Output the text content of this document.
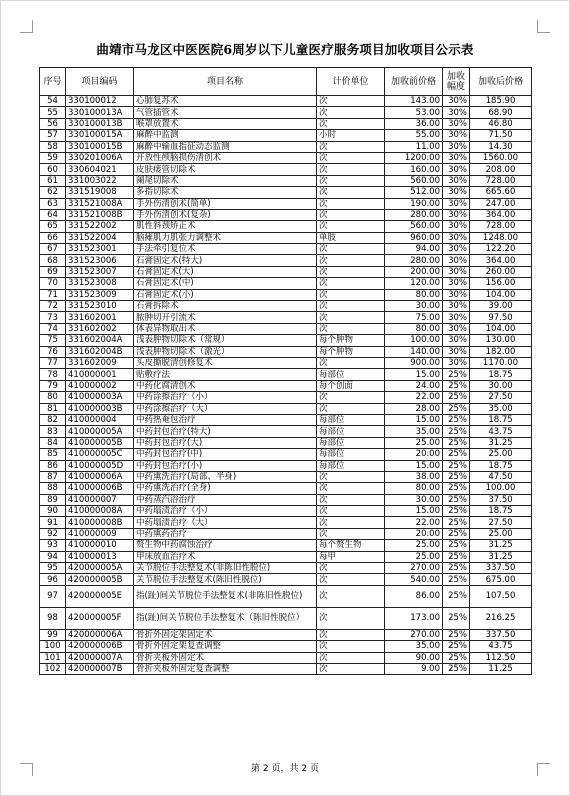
曲靖市马龙区中医医院6周岁以下儿童医疗服务项目加收项目公示表
序号	项目编码	项目名称	计价单位	加收前价格	加收幅度	加收后价格
54	330100012	心肺复苏术	次	143.00	30%	185.90
55	330100013A	气管插管术	次	53.00	30%	68.90
56	330100013B	喉罩放置术	次	36.00	30%	46.80
57	330100015A	麻醉中监测	小时	55.00	30%	71.50
58	330100015B	麻醉中输血指征动态监测	次	11.00	30%	14.30
59	330201006A	开放性颅脑损伤清创术	次	1200.00	30%	1560.00
60	330604021	皮肤瘘管切除术	次	160.00	30%	208.00
61	331003022	阑尾切除术	次	560.00	30%	728.00
62	331519008	多指切除术	次	512.00	30%	665.60
63	331521008A	手外伤清创术(简单)	次	190.00	30%	247.00
64	331521008B	手外伤清创术(复杂)	次	280.00	30%	364.00
65	331522002	肌性斜颈矫正术	次	560.00	30%	728.00
66	331522004	脑瘫肌力肌张力调整术	单肢	960.00	30%	1248.00
67	331523001	手法牵引复位术	次	94.00	30%	122.20
68	331523006	石膏固定术(特大)	次	280.00	30%	364.00
69	331523007	石膏固定术(大)	次	200.00	30%	260.00
70	331523008	石膏固定术(中)	次	120.00	30%	156.00
71	331523009	石膏固定术(小)	次	80.00	30%	104.00
72	331523010	石膏拆除术	次	30.00	30%	39.00
73	331602001	脓肿切开引流术	次	75.00	30%	97.50
74	331602002	体表异物取出术	次	80.00	30%	104.00
75	331602004A	浅表肿物切除术（常规）	每个肿物	100.00	30%	130.00
76	331602004B	浅表肿物切除术（激光）	每个肿物	140.00	30%	182.00
77	331602009	头皮撕脱清创修复术	次	900.00	30%	1170.00
78	410000001	贴敷疗法	每部位	15.00	25%	18.75
79	410000002	中药化腐清创术	每个创面	24.00	25%	30.00
80	410000003A	中药涂擦治疗（小）	次	22.00	25%	27.50
81	410000003B	中药涂擦治疗（大）	次	28.00	25%	35.00
82	410000004	中药热奄包治疗	每部位	15.00	25%	18.75
83	410000005A	中药封包治疗(特大)	每部位	35.00	25%	43.75
84	410000005B	中药封包治疗(大)	每部位	25.00	25%	31.25
85	410000005C	中药封包治疗(中)	每部位	20.00	25%	25.00
86	410000005D	中药封包治疗(小)	每部位	15.00	25%	18.75
87	410000006A	中药熏洗治疗(局部、半身)	次	38.00	25%	47.50
88	410000006B	中药熏洗治疗(全身)	次	80.00	25%	100.00
89	410000007	中药蒸汽浴治疗	次	30.00	25%	37.50
90	410000008A	中药塌渍治疗（小）	次	15.00	25%	18.75
91	410000008B	中药塌渍治疗（大）	次	22.00	25%	27.50
92	410000009	中药熏药治疗	次	20.00	25%	25.00
93	410000010	赘生物中药腐蚀治疗	每个赘生物	25.00	25%	31.25
94	410000013	甲床放血治疗术	每甲	25.00	25%	31.25
95	420000005A	关节脱位手法整复术(非陈旧性脱位)	次	270.00	25%	337.50
96	420000005B	关节脱位手法整复术(陈旧性脱位)	次	540.00	25%	675.00
97	420000005E	指(趾)间关节脱位手法整复术(非陈旧性脱位)	次	86.00	25%	107.50
98	420000005F	指(趾)间关节脱位手法整复术（陈旧性脱位）	次	173.00	25%	216.25
99	420000006A	骨折外固定架固定术	次	270.00	25%	337.50
100	420000006B	骨折外固定架复查调整	次	35.00	25%	43.75
101	420000007A	骨折夹板外固定术	次	90.00	25%	112.50
102	420000007B	骨折夹板外固定复查调整	次	9.00	25%	11.25
第 2 页，共 2 页
